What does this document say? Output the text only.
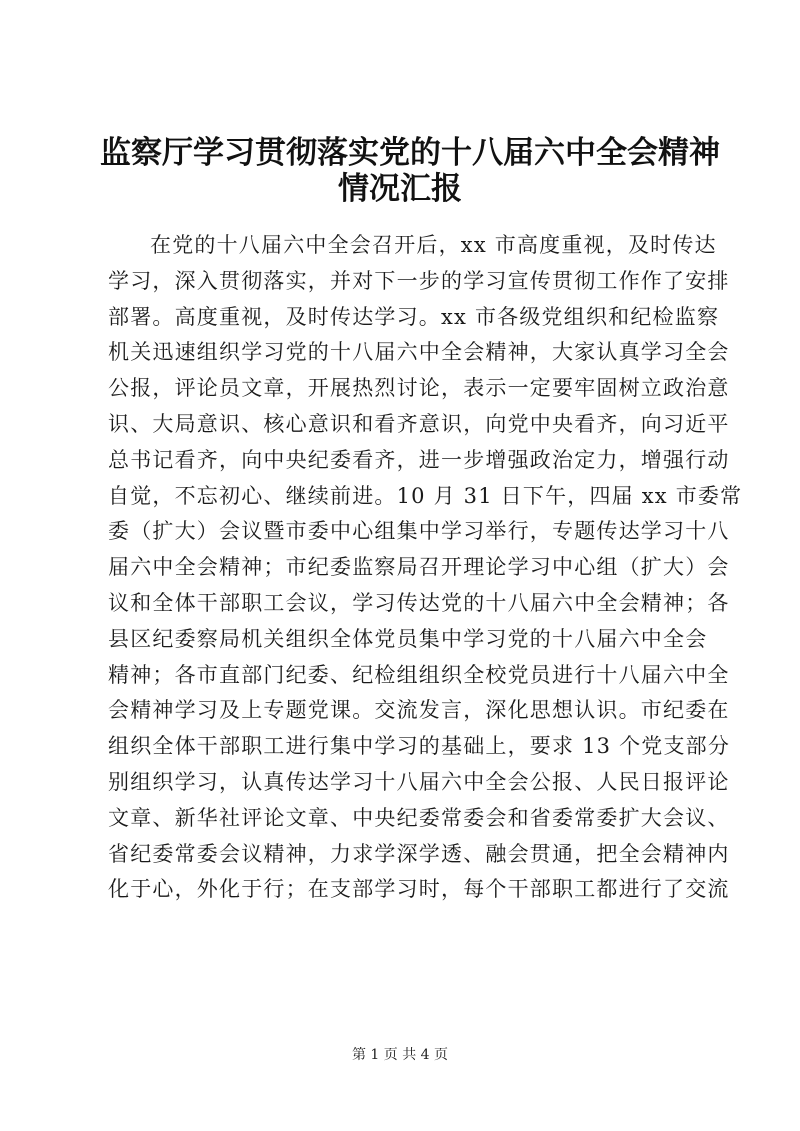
监察厅学习贯彻落实党的十八届六中全会精神
情况汇报
在党的十八届六中全会召开后，xx 市高度重视，及时传达
学习，深入贯彻落实，并对下一步的学习宣传贯彻工作作了安排
部署。高度重视，及时传达学习。xx 市各级党组织和纪检监察
机关迅速组织学习党的十八届六中全会精神，大家认真学习全会
公报，评论员文章，开展热烈讨论，表示一定要牢固树立政治意
识、大局意识、核心意识和看齐意识，向党中央看齐，向习近平
总书记看齐，向中央纪委看齐，进一步增强政治定力，增强行动
自觉，不忘初心、继续前进。10 月 31 日下午，四届 xx 市委常
委（扩大）会议暨市委中心组集中学习举行，专题传达学习十八
届六中全会精神；市纪委监察局召开理论学习中心组（扩大）会
议和全体干部职工会议，学习传达党的十八届六中全会精神；各
县区纪委察局机关组织全体党员集中学习党的十八届六中全会
精神；各市直部门纪委、纪检组组织全校党员进行十八届六中全
会精神学习及上专题党课。交流发言，深化思想认识。市纪委在
组织全体干部职工进行集中学习的基础上，要求 13 个党支部分
别组织学习，认真传达学习十八届六中全会公报、人民日报评论
文章、新华社评论文章、中央纪委常委会和省委常委扩大会议、
省纪委常委会议精神，力求学深学透、融会贯通，把全会精神内
化于心，外化于行；在支部学习时，每个干部职工都进行了交流
第 1 页 共 4 页
